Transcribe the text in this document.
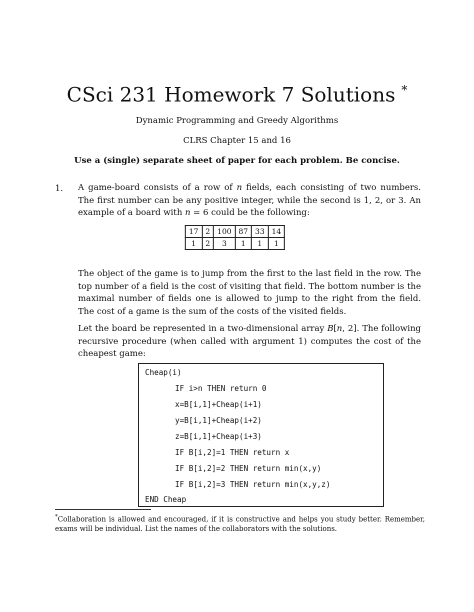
CSci 231 Homework 7 Solutions *
Dynamic Programming and Greedy Algorithms
CLRS Chapter 15 and 16
Use a (single) separate sheet of paper for each problem. Be concise.
1. A game-board consists of a row of n fields, each consisting of two numbers. The first number can be any positive integer, while the second is 1, 2, or 3. An example of a board with n = 6 could be the following:
17	2	100	87	33	14
1	2	3	1	1	1
The object of the game is to jump from the first to the last field in the row. The top number of a field is the cost of visiting that field. The bottom number is the maximal number of fields one is allowed to jump to the right from the field. The cost of a game is the sum of the costs of the visited fields.
Let the board be represented in a two-dimensional array B[n, 2]. The following recursive procedure (when called with argument 1) computes the cost of the cheapest game:
Cheap(i)
IF i>n THEN return 0
x=B[i,1]+Cheap(i+1)
y=B[i,1]+Cheap(i+2)
z=B[i,1]+Cheap(i+3)
IF B[i,2]=1 THEN return x
IF B[i,2]=2 THEN return min(x,y)
IF B[i,2]=3 THEN return min(x,y,z)
END Cheap
*Collaboration is allowed and encouraged, if it is constructive and helps you study better. Remember, exams will be individual. List the names of the collaborators with the solutions.
